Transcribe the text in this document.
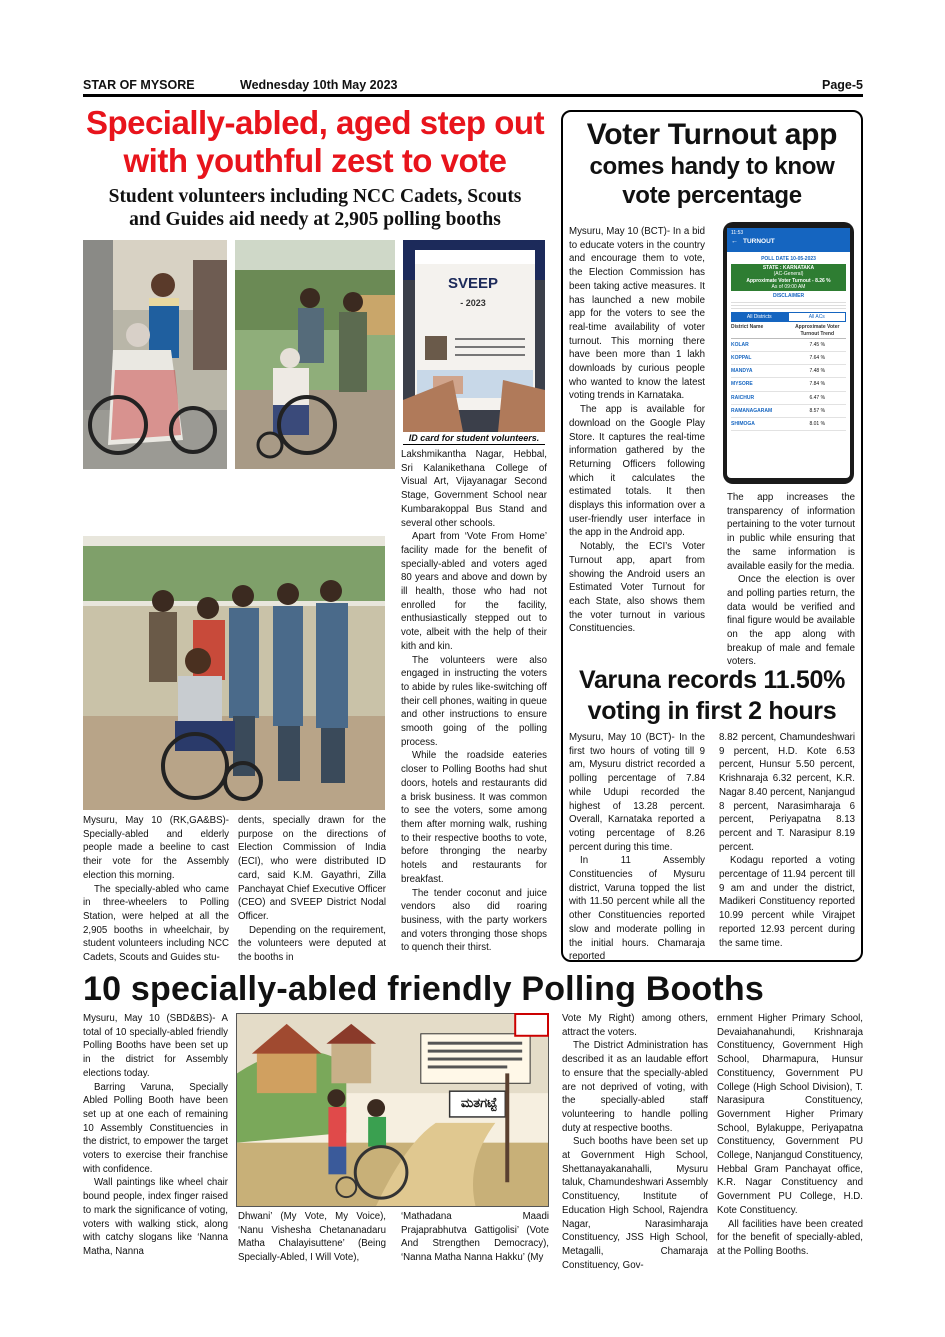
STAR OF MYSORE	Wednesday 10th May 2023	Page-5
Specially-abled, aged step out
with youthful zest to vote
Student volunteers including NCC Cadets, Scouts
and Guides aid needy at 2,905 polling booths
SVEEP
- 2023
ID card for student volunteers.

Mysuru, May 10 (RK,GA&BS)- Specially-abled and elderly people made a beeline to cast their vote for the Assembly election this morning.

The specially-abled who came in three-wheelers to Polling Station, were helped at all the 2,905 booths in wheelchair, by student volunteers including NCC Cadets, Scouts and Guides stu-

dents, specially drawn for the purpose on the directions of Election Commission of India (ECI), who were distributed ID card, said K.M. Gayathri, Zilla Panchayat Chief Executive Officer (CEO) and SVEEP District Nodal Officer.

Depending on the requirement, the volunteers were deputed at the booths in

Lakshmikantha Nagar, Hebbal, Sri Kalanikethana College of Visual Art, Vijayanagar Second Stage, Government School near Kumbarakoppal Bus Stand and several other schools.

Apart from ‘Vote From Home’ facility made for the benefit of specially-abled and voters aged 80 years and above and down by ill health, those who had not enrolled for the facility, enthusiastically stepped out to vote, albeit with the help of their kith and kin.

The volunteers were also engaged in instructing the voters to abide by rules like-switching off their cell phones, waiting in queue and other instructions to ensure smooth going of the polling process.

While the roadside eateries closer to Polling Booths had shut doors, hotels and restaurants did a brisk business. It was common to see the voters, some among them after morning walk, rushing to their respective booths to vote, before thronging the nearby hotels and restaurants for breakfast.

The tender coconut and juice vendors also did roaring business, with the party workers and voters thronging those shops to quench their thirst.

Voter Turnout app
comes handy to know
vote percentage

Mysuru, May 10 (BCT)- In a bid to educate voters in the country and encourage them to vote, the Election Commission has been taking active measures. It has launched a new mobile app for the voters to see the real-time availability of voter turnout. This morning there have been more than 1 lakh downloads by curious people who wanted to know the latest voting trends in Karnataka.

The app is available for download on the Google Play Store. It captures the real-time information gathered by the Returning Officers following which it calculates the estimated totals. It then displays this information over a user-friendly user interface in the app in the Android app.

Notably, the ECI’s Voter Turnout app, apart from showing the Android users an Estimated Voter Turnout for each State, also shows them the voter turnout in various Constituencies.

11:53
TURNOUT
←
POLL DATE 10-05-2023
STATE : KARNATAKA
(AC-General)
Approximate Voter Turnout - 8.26 %
As of 09:00 AM
DISCLAIMER
All Districts	All ACs
District Name	Approximate Voter Turnout Trend
KOLAR	7.45 %
KOPPAL	7.64 %
MANDYA	7.48 %
MYSORE	7.84 %
RAICHUR	6.47 %
RAMANAGARAM	8.57 %
SHIMOGA	8.01 %

The app increases the transparency of information pertaining to the voter turnout in public while ensuring that the same information is available easily for the media.

Once the election is over and polling parties return, the data would be verified and final figure would be available on the app along with breakup of male and female voters.

Varuna records 11.50%
voting in first 2 hours

Mysuru, May 10 (BCT)- In the first two hours of voting till 9 am, Mysuru district recorded a polling percentage of 7.84 while Udupi recorded the highest of 13.28 percent. Overall, Karnataka reported a voting percentage of 8.26 percent during this time.

In 11 Assembly Constituencies of Mysuru district, Varuna topped the list with 11.50 percent while all the other Constituencies reported slow and moderate polling in the initial hours. Chamaraja reported

8.82 percent, Chamundeshwari 9 percent, H.D. Kote 6.53 percent, Hunsur 5.50 percent, Krishnaraja 6.32 percent, K.R. Nagar 8.40 percent, Nanjangud 8 percent, Narasimharaja 6 percent, Periyapatna 8.13 percent and T. Narasipur 8.19 percent.

Kodagu reported a voting percentage of 11.94 percent till 9 am and under the district, Madikeri Constituency reported 10.99 percent while Virajpet reported 12.93 percent during the same time.

10 specially-abled friendly Polling Booths

Mysuru, May 10 (SBD&BS)- A total of 10 specially-abled friendly Polling Booths have been set up in the district for Assembly elections today.

Barring Varuna, Specially Abled Polling Booth have been set up at one each of remaining 10 Assembly Constituencies in the district, to empower the target voters to exercise their franchise with confidence.

Wall paintings like wheel chair bound people, index finger raised to mark the significance of voting, voters with walking stick, along with catchy slogans like ‘Nanna Matha, Nanna

ಮತಗಟ್ಟೆ

Dhwani’ (My Vote, My Voice), ‘Nanu Vishesha Chetananadaru Matha Chalayisuttene’ (Being Specially-Abled, I Will Vote),

‘Mathadana Maadi Prajaprabhutva Gattigolisi’ (Vote And Strengthen Democracy), ‘Nanna Matha Nanna Hakku’ (My

Vote My Right) among others, attract the voters.

The District Administration has described it as an laudable effort to ensure that the specially-abled are not deprived of voting, with the specially-abled staff volunteering to handle polling duty at respective booths.

Such booths have been set up at Government High School, Shettanayakanahalli, Mysuru taluk, Chamundeshwari Assembly Constituency, Institute of Education High School, Rajendra Nagar, Narasimharaja Constituency, JSS High School, Metagalli, Chamaraja Constituency, Gov-

ernment Higher Primary School, Devaiahanahundi, Krishnaraja Constituency, Government High School, Dharmapura, Hunsur Constituency, Government PU College (High School Division), T. Narasipura Constituency, Government Higher Primary School, Bylakuppe, Periyapatna Constituency, Government PU College, Nanjangud Constituency, Hebbal Gram Panchayat office, K.R. Nagar Constituency and Government PU College, H.D. Kote Constituency.

All facilities have been created for the benefit of specially-abled, at the Polling Booths.
